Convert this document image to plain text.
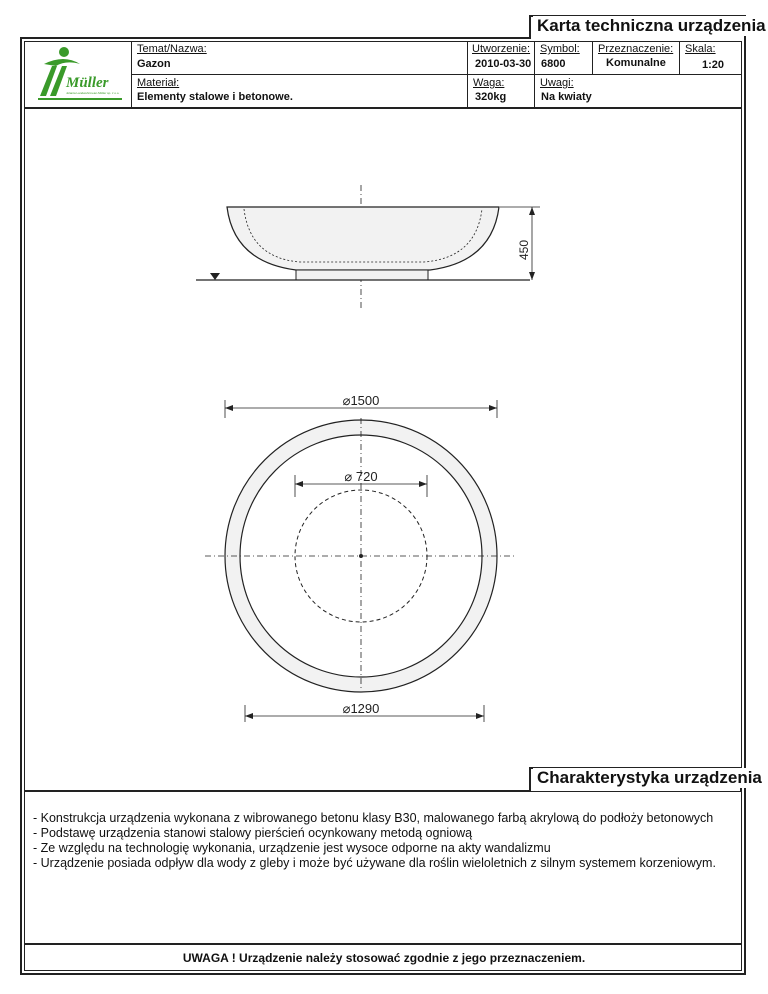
Karta techniczna urządzenia
Müller
Jolanta Landwehrmeier-Müller sp. z o.o.
Temat/Nazwa:
Gazon
Materiał:
Elementy stalowe i betonowe.
Utworzenie:
2010-03-30
Waga:
320kg
Symbol:
6800
Uwagi:
Na kwiaty
Przeznaczenie:
Komunalne
Skala:
1:20
450
⌀1500
⌀ 720
⌀1290
Charakterystyka urządzenia
- Konstrukcja urządzenia wykonana z wibrowanego betonu klasy B30, malowanego farbą akrylową do podłoży betonowych
- Podstawę urządzenia stanowi stalowy pierścień ocynkowany metodą ogniową
- Ze względu na technologię wykonania, urządzenie jest wysoce odporne na akty wandalizmu
- Urządzenie posiada odpływ dla wody z gleby i może być używane dla roślin wieloletnich z silnym systemem korzeniowym.
UWAGA ! Urządzenie należy stosować zgodnie z jego przeznaczeniem.
